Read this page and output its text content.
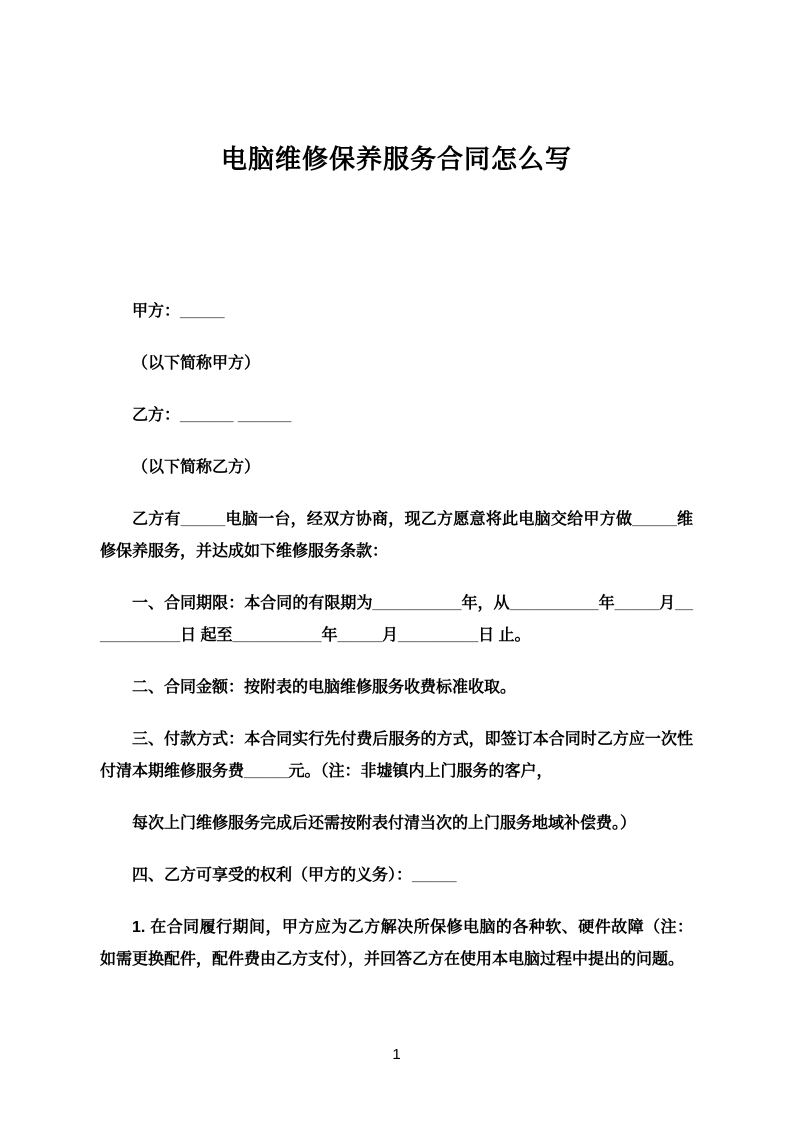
电脑维修保养服务合同怎么写

甲方：_____

（以下简称甲方）

乙方：______ ______

（以下简称乙方）

乙方有_____电脑一台，经双方协商，现乙方愿意将此电脑交给甲方做_____维修保养服务，并达成如下维修服务条款：

一、合同期限：本合同的有限期为__________年，从__________年_____月___________日 起至__________年_____月_________日 止。

二、合同金额：按附表的电脑维修服务收费标准收取。

三、付款方式：本合同实行先付费后服务的方式，即签订本合同时乙方应一次性付清本期维修服务费_____元。（注：非墟镇内上门服务的客户，

每次上门维修服务完成后还需按附表付清当次的上门服务地域补偿费。）

四、乙方可享受的权利（甲方的义务）：_____

1. 在合同履行期间，甲方应为乙方解决所保修电脑的各种软、硬件故障（注：如需更换配件，配件费由乙方支付），并回答乙方在使用本电脑过程中提出的问题。

1
